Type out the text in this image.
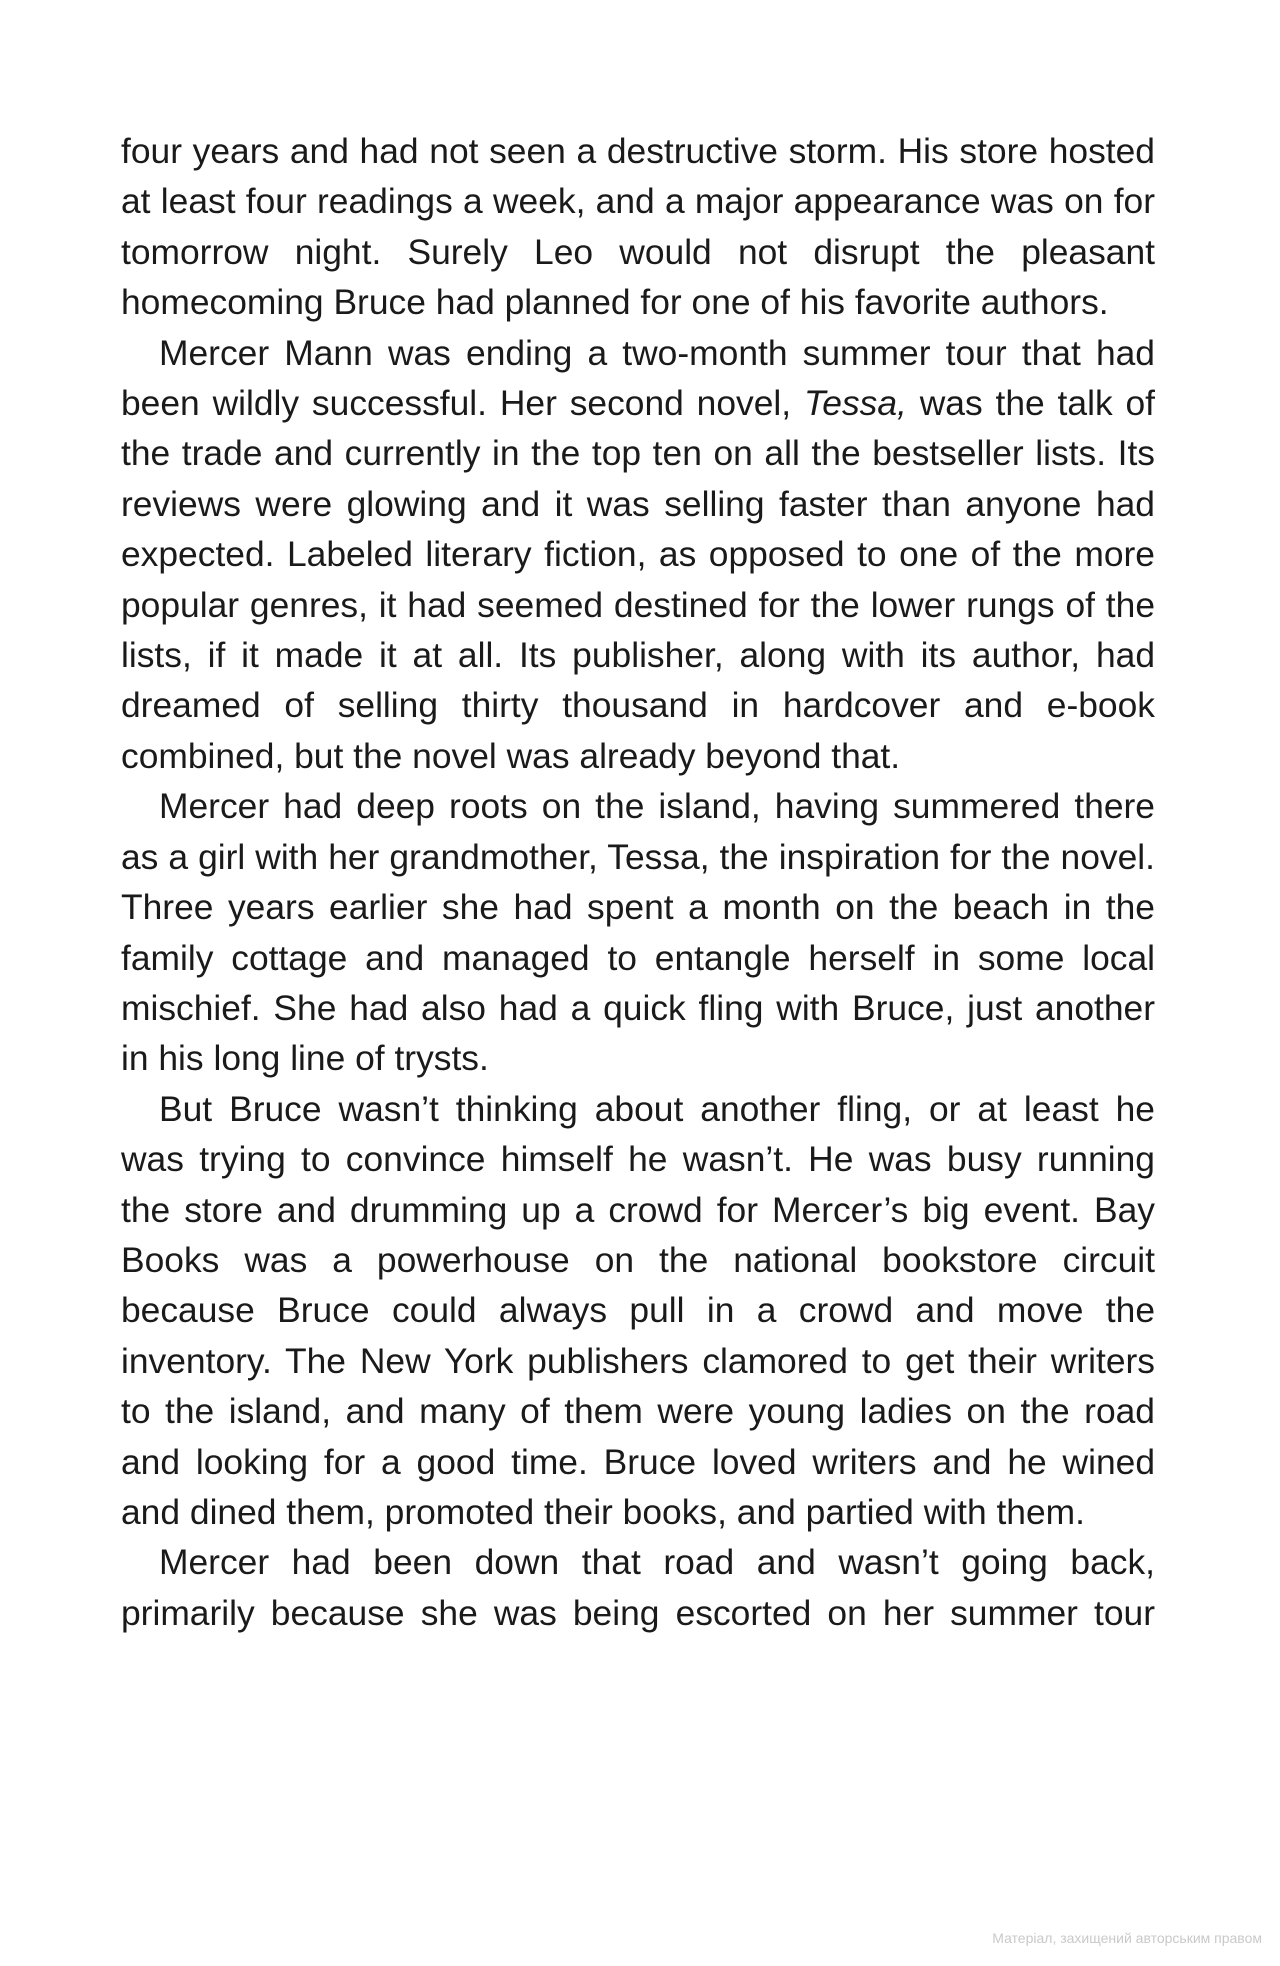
four years and had not seen a destructive storm. His store hosted at least four readings a week, and a major appearance was on for tomorrow night. Surely Leo would not disrupt the pleasant homecoming Bruce had planned for one of his favorite authors.

Mercer Mann was ending a two-month summer tour that had been wildly successful. Her second novel, Tessa, was the talk of the trade and currently in the top ten on all the bestseller lists. Its reviews were glowing and it was selling faster than anyone had expected. Labeled literary fiction, as opposed to one of the more popular genres, it had seemed destined for the lower rungs of the lists, if it made it at all. Its publisher, along with its author, had dreamed of selling thirty thousand in hardcover and e-book combined, but the novel was already beyond that.

Mercer had deep roots on the island, having summered there as a girl with her grandmother, Tessa, the inspiration for the novel. Three years earlier she had spent a month on the beach in the family cottage and managed to entangle herself in some local mischief. She had also had a quick fling with Bruce, just another in his long line of trysts.

But Bruce wasn’t thinking about another fling, or at least he was trying to convince himself he wasn’t. He was busy running the store and drumming up a crowd for Mercer’s big event. Bay Books was a powerhouse on the national bookstore circuit because Bruce could always pull in a crowd and move the inventory. The New York publishers clamored to get their writers to the island, and many of them were young ladies on the road and looking for a good time. Bruce loved writers and he wined and dined them, promoted their books, and partied with them.

Mercer had been down that road and wasn’t going back, primarily because she was being escorted on her summer tour

Матеріал, захищений авторським правом
